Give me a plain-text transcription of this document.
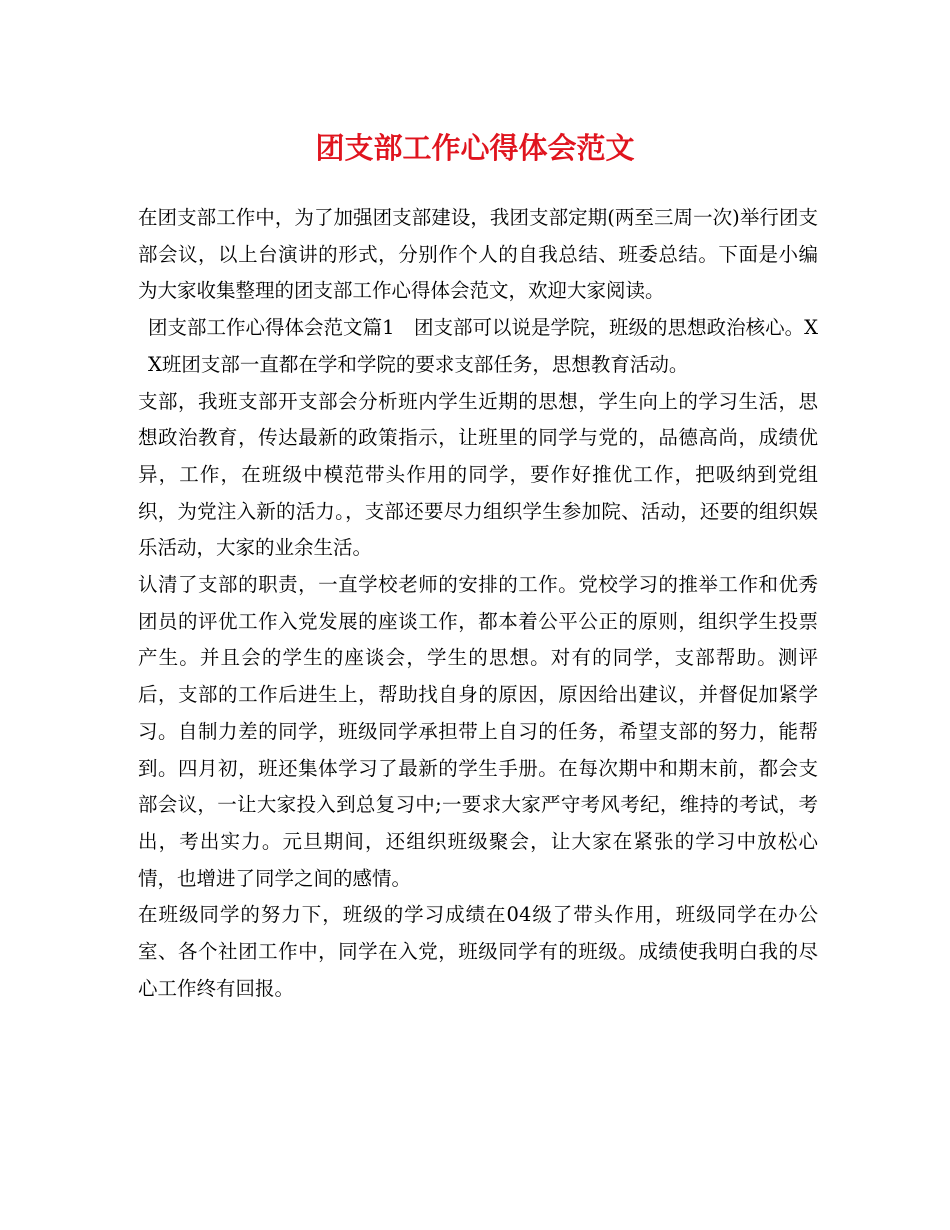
团支部工作心得体会范文

在团支部工作中，为了加强团支部建设，我团支部定期(两至三周一次)举行团支部会议，以上台演讲的形式，分别作个人的自我总结、班委总结。下面是小编为大家收集整理的团支部工作心得体会范文，欢迎大家阅读。

团支部工作心得体会范文篇1　团支部可以说是学院，班级的思想政治核心。XX班团支部一直都在学和学院的要求支部任务，思想教育活动。

支部，我班支部开支部会分析班内学生近期的思想，学生向上的学习生活，思想政治教育，传达最新的政策指示，让班里的同学与党的，品德高尚，成绩优异，工作，在班级中模范带头作用的同学，要作好推优工作，把吸纳到党组织，为党注入新的活力。，支部还要尽力组织学生参加院、活动，还要的组织娱乐活动，大家的业余生活。

认清了支部的职责，一直学校老师的安排的工作。党校学习的推举工作和优秀团员的评优工作入党发展的座谈工作，都本着公平公正的原则，组织学生投票产生。并且会的学生的座谈会，学生的思想。对有的同学，支部帮助。测评后，支部的工作后进生上，帮助找自身的原因，原因给出建议，并督促加紧学习。自制力差的同学，班级同学承担带上自习的任务，希望支部的努力，能帮到。四月初，班还集体学习了最新的学生手册。在每次期中和期末前，都会支部会议，一让大家投入到总复习中;一要求大家严守考风考纪，维持的考试，考出，考出实力。元旦期间，还组织班级聚会，让大家在紧张的学习中放松心情，也增进了同学之间的感情。

在班级同学的努力下，班级的学习成绩在04级了带头作用，班级同学在办公室、各个社团工作中，同学在入党，班级同学有的班级。成绩使我明白我的尽心工作终有回报。
